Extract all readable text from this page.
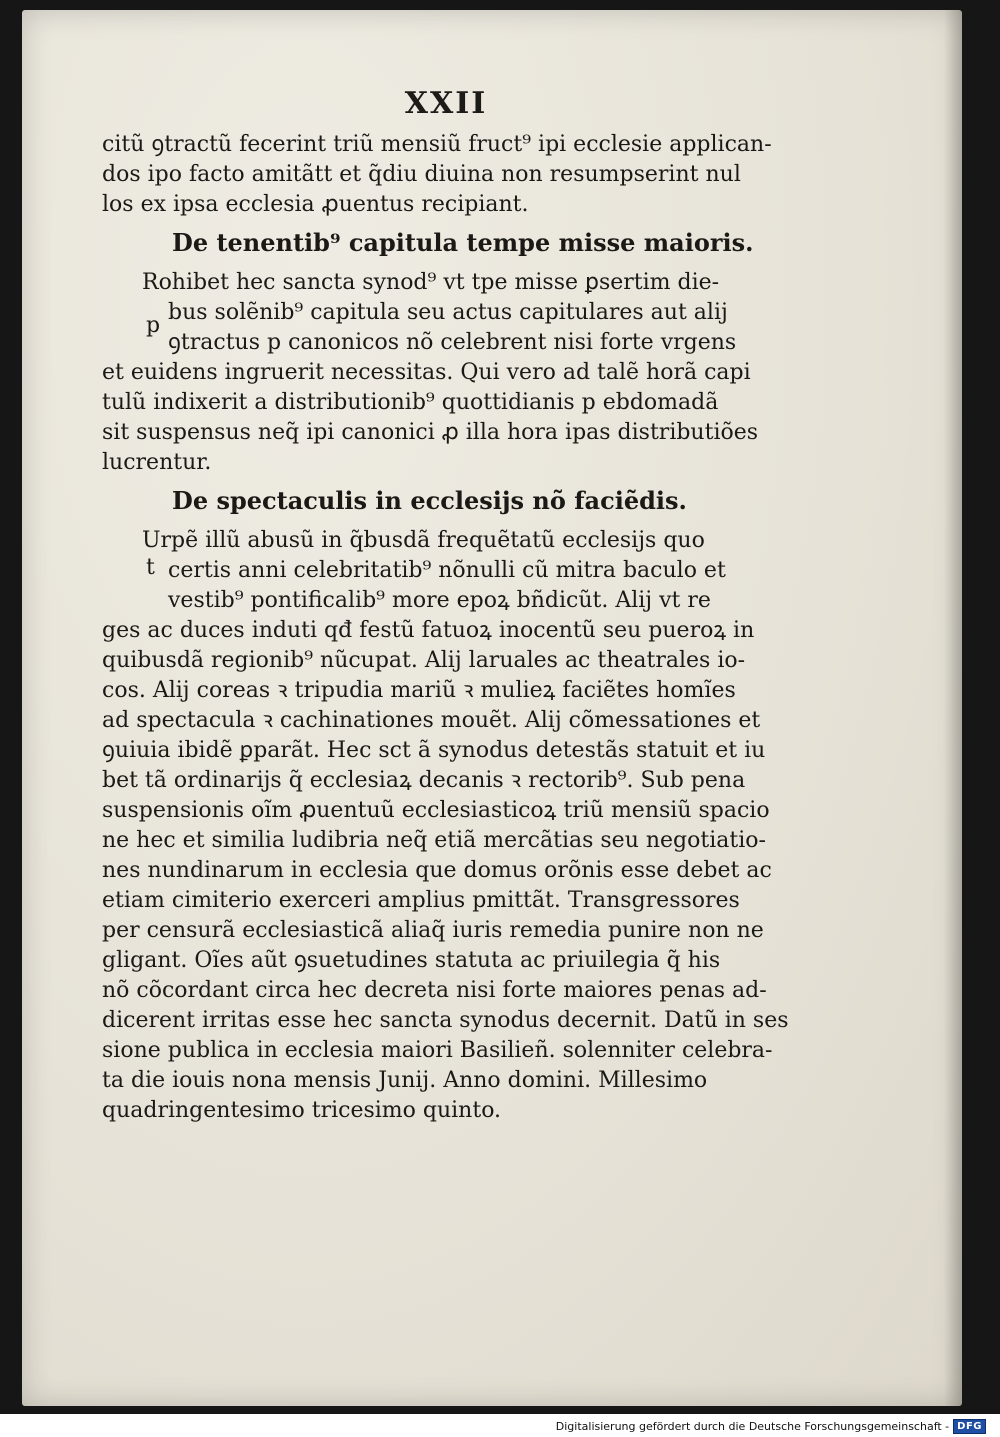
XXII
citũ ꝯtractũ fecerint triũ mensiũ fruct⁹ ipi ecclesie applican-
dos ipo facto amitãtt et q̃diu diuina non resumpserint nul
los ex ipsa ecclesia ꝓuentus recipiant.
De tenentib⁹ capitula tempe misse maioris.
Rohibet hec sancta synod⁹ vt tpe misse ꝑsertim die-
bus solẽnib⁹ capitula seu actus capitulares aut alij
ꝯtractus p canonicos nõ celebrent nisi forte vrgens
et euidens ingruerit necessitas. Qui vero ad talẽ horã capi
tulũ indixerit a distributionib⁹ quottidianis p ebdomadã
sit suspensus neq̃ ipi canonici ꝓ illa hora ipas distributiões
lucrentur.
De spectaculis in ecclesijs nõ faciẽdis.
Urpẽ illũ abusũ in q̃busdã frequẽtatũ ecclesijs quo
certis anni celebritatib⁹ nõnulli cũ mitra baculo et
vestib⁹ pontificalib⁹ more epoꝝ bñdicũt. Alij vt re
ges ac duces induti qđ festũ fatuoꝝ inocentũ seu pueroꝝ in
quibusdã regionib⁹ nũcupat. Alij laruales ac theatrales io-
cos. Alij coreas ꝛ tripudia mariũ ꝛ mulieꝝ faciẽtes homĩes
ad spectacula ꝛ cachinationes mouẽt. Alij cõmessationes et
ꝯuiuia ibidẽ ꝑparãt. Hec sct ã synodus detestãs statuit et iu
bet tã ordinarijs q̃ ecclesiaꝝ decanis ꝛ rectorib⁹. Sub pena
suspensionis oĩm ꝓuentuũ ecclesiasticoꝝ triũ mensiũ spacio
ne hec et similia ludibria neq̃ etiã mercãtias seu negotiatio-
nes nundinarum in ecclesia que domus orõnis esse debet ac
etiam cimiterio exerceri amplius pmittãt. Transgressores
per censurã ecclesiasticã aliaq̃ iuris remedia punire non ne
gligant. Oĩes aũt ꝯsuetudines statuta ac priuilegia q̃ his
nõ cõcordant circa hec decreta nisi forte maiores penas ad-
dicerent irritas esse hec sancta synodus decernit. Datũ in ses
sione publica in ecclesia maiori Basilieñ. solenniter celebra-
ta die iouis nona mensis Junij. Anno domini. Millesimo
quadringentesimo tricesimo quinto.
p
t
Digitalisierung gefördert durch die Deutsche Forschungsgemeinschaft - DFG
